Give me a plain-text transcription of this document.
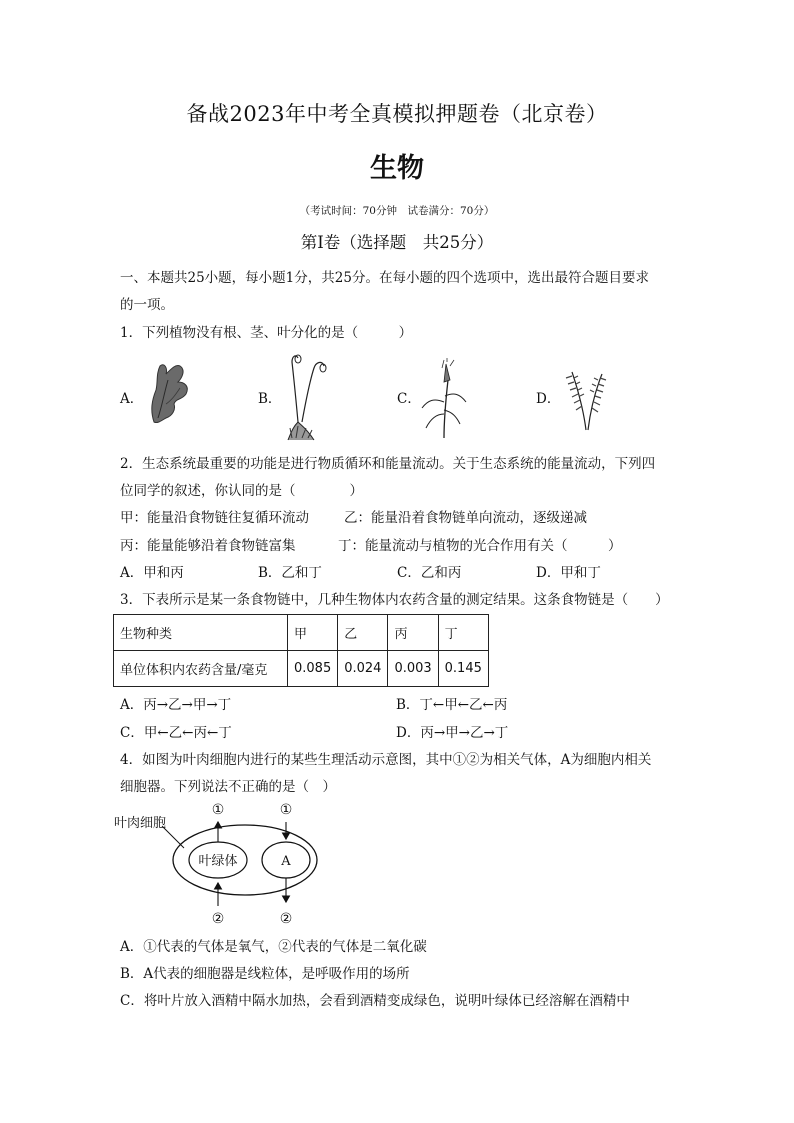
备战2023年中考全真模拟押题卷（北京卷）
生物
（考试时间：70分钟　试卷满分：70分）
第Ⅰ卷（选择题　共25分）
一、本题共25小题，每小题1分，共25分。在每小题的四个选项中，选出最符合题目要求
的一项。
1．下列植物没有根、茎、叶分化的是（　　　）
A．	B．	C．	D．
2．生态系统最重要的功能是进行物质循环和能量流动。关于生态系统的能量流动，下列四
位同学的叙述，你认同的是（　　　　）
甲：能量沿食物链往复循环流动	乙：能量沿着食物链单向流动，逐级递减
丙：能量能够沿着食物链富集	丁：能量流动与植物的光合作用有关（　　　）
A．甲和丙	B．乙和丁	C．乙和丙	D．甲和丁
3．下表所示是某一条食物链中，几种生物体内农药含量的测定结果。这条食物链是（　　）
生物种类	甲	乙	丙	丁
单位体积内农药含量/毫克	0.085	0.024	0.003	0.145
A．丙→乙→甲→丁	B．丁←甲←乙←丙
C．甲←乙←丙←丁	D．丙→甲→乙→丁
4．如图为叶肉细胞内进行的某些生理活动示意图，其中①②为相关气体，A为细胞内相关
细胞器。下列说法不正确的是（　）
叶肉细胞
叶绿体	A
①	①
②	②
A．①代表的气体是氧气，②代表的气体是二氧化碳
B．A代表的细胞器是线粒体，是呼吸作用的场所
C．将叶片放入酒精中隔水加热，会看到酒精变成绿色，说明叶绿体已经溶解在酒精中
